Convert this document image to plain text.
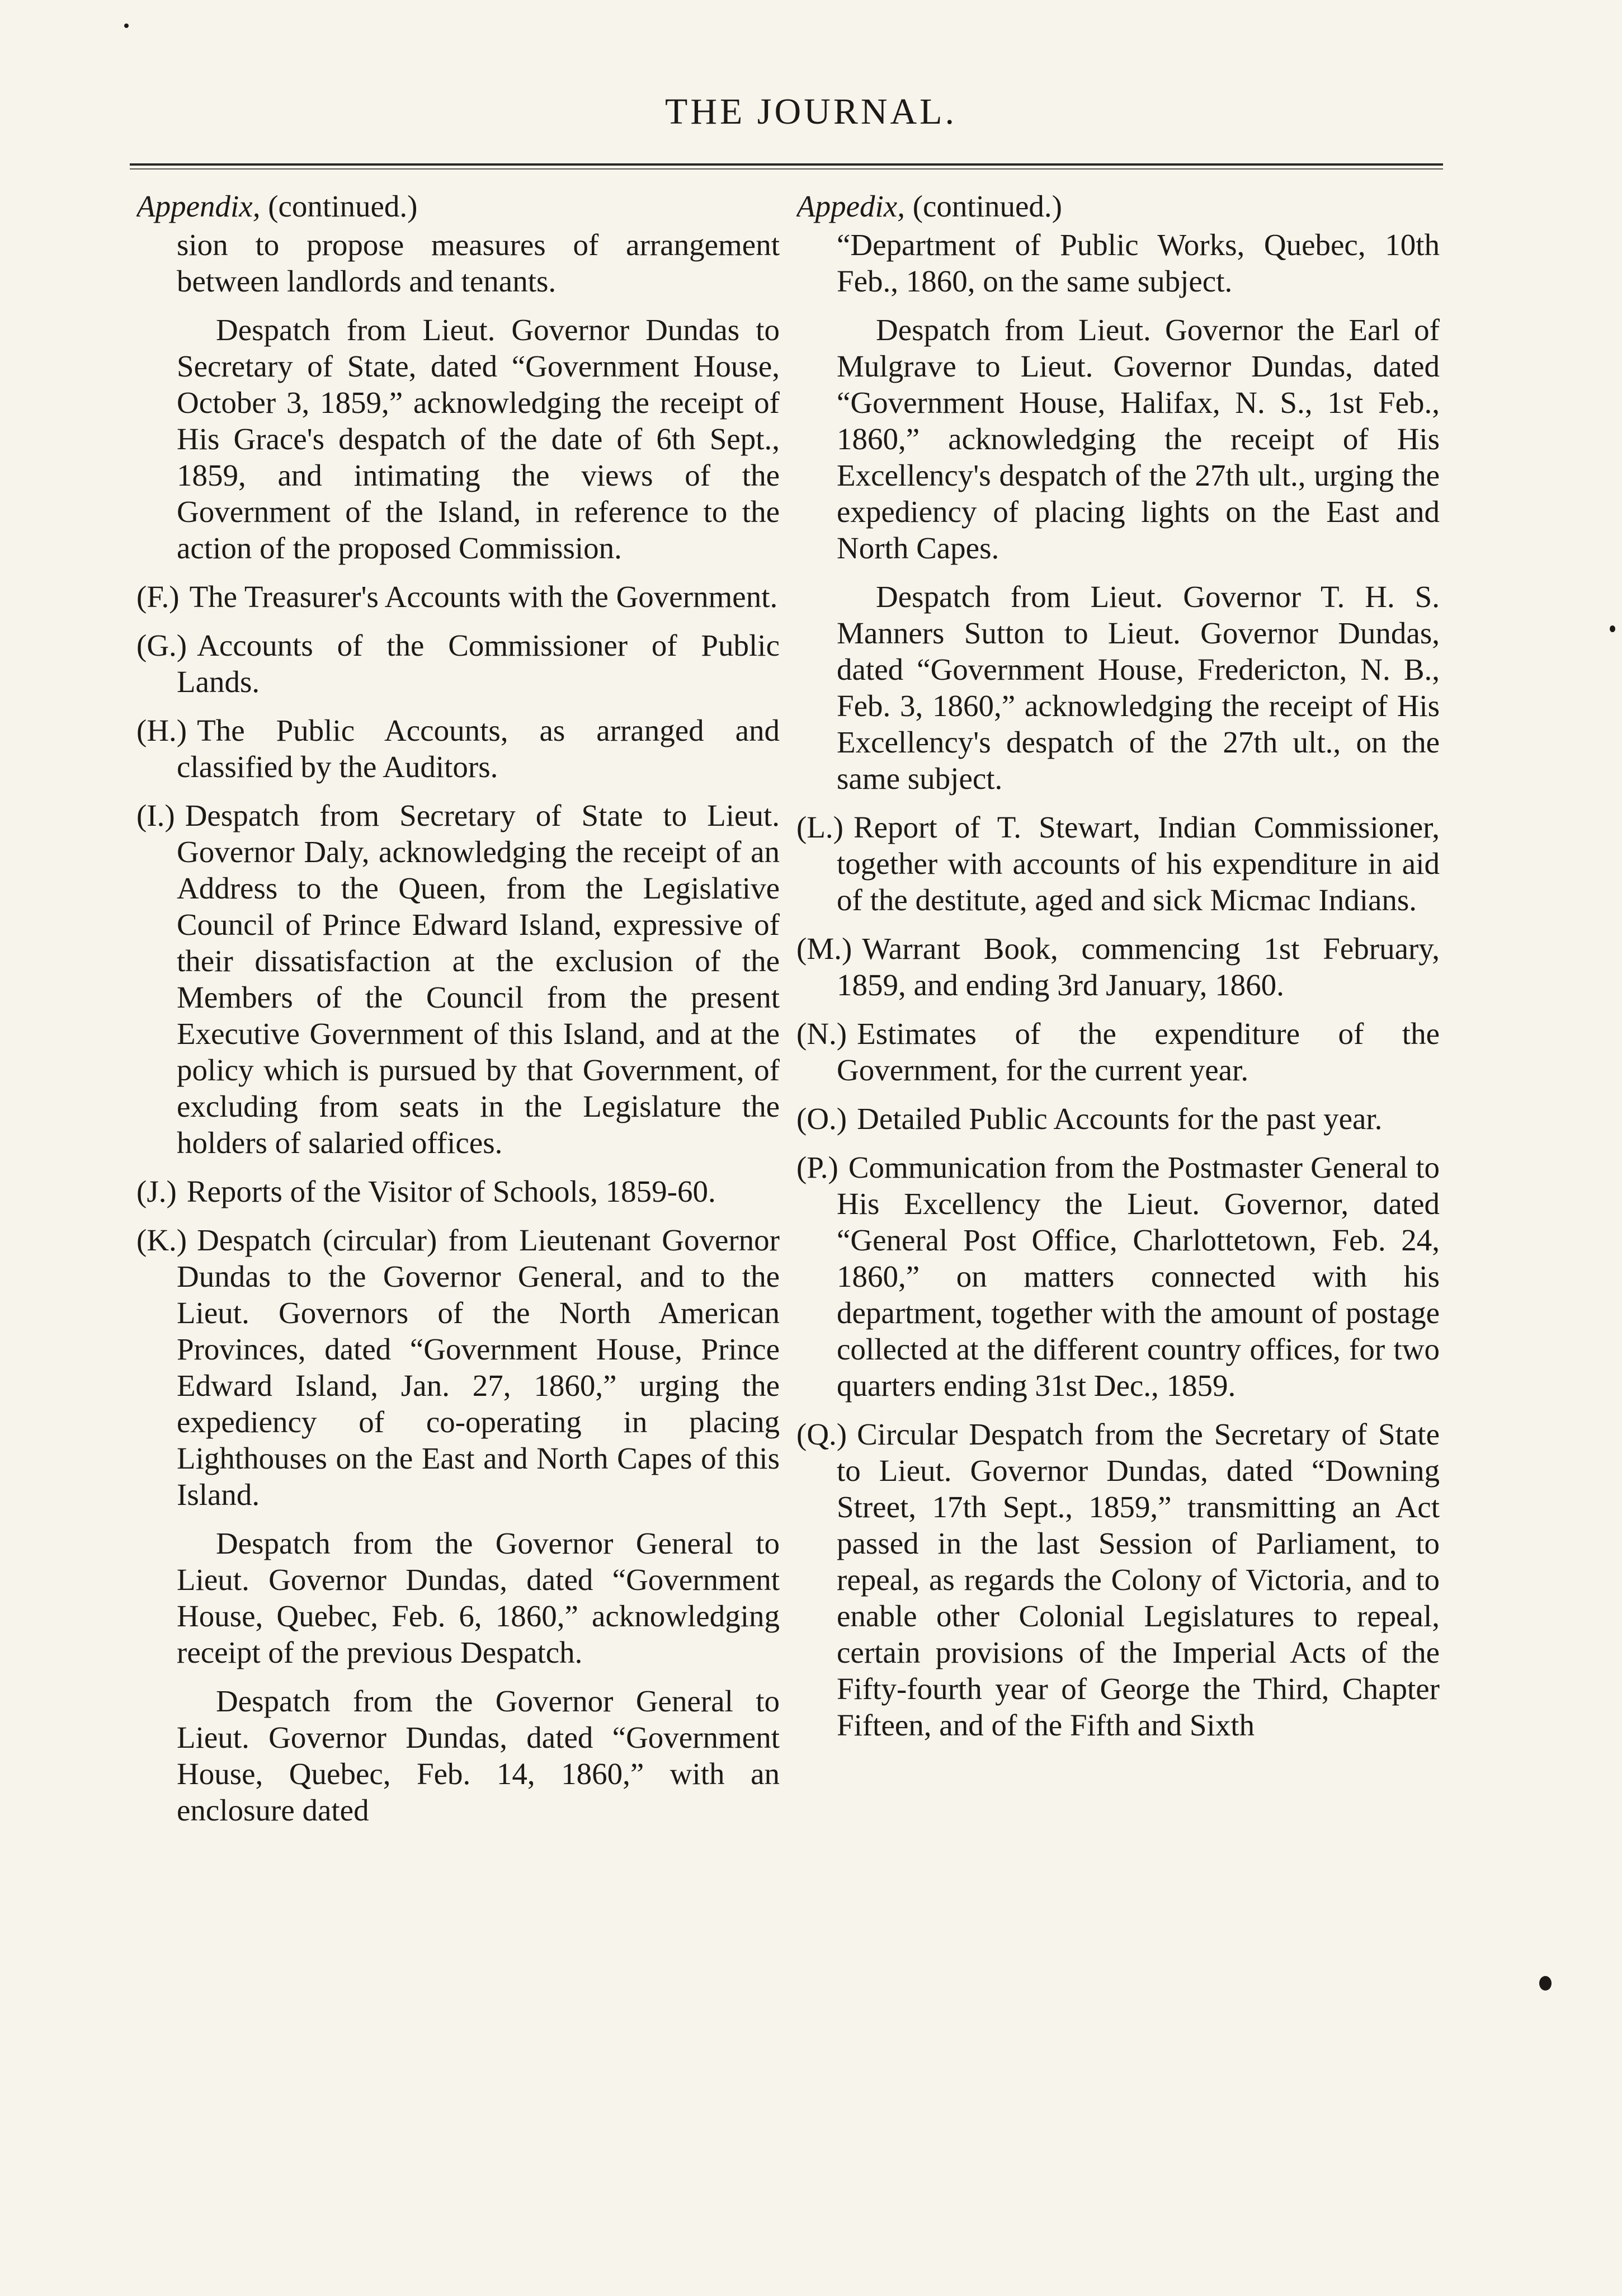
THE JOURNAL.
Appendix, (continued.)

sion to propose measures of arrangement between landlords and tenants.

Despatch from Lieut. Governor Dundas to Secretary of State, dated “Government House, October 3, 1859,” acknowledging the receipt of His Grace's despatch of the date of 6th Sept., 1859, and intimating the views of the Government of the Island, in reference to the action of the proposed Commission.

(F.) The Treasurer's Accounts with the Government.

(G.) Accounts of the Commissioner of Public Lands.

(H.) The Public Accounts, as arranged and classified by the Auditors.

(I.) Despatch from Secretary of State to Lieut. Governor Daly, acknowledging the receipt of an Address to the Queen, from the Legislative Council of Prince Edward Island, expressive of their dissatisfaction at the exclusion of the Members of the Council from the present Executive Government of this Island, and at the policy which is pursued by that Government, of excluding from seats in the Legislature the holders of salaried offices.

(J.) Reports of the Visitor of Schools, 1859-60.

(K.) Despatch (circular) from Lieutenant Governor Dundas to the Governor General, and to the Lieut. Governors of the North American Provinces, dated “Government House, Prince Edward Island, Jan. 27, 1860,” urging the expediency of co-operating in placing Lighthouses on the East and North Capes of this Island.

Despatch from the Governor General to Lieut. Governor Dundas, dated “Government House, Quebec, Feb. 6, 1860,” acknowledging receipt of the previous Despatch.

Despatch from the Governor General to Lieut. Governor Dundas, dated “Government House, Quebec, Feb. 14, 1860,” with an enclosure dated

Appedix, (continued.)

“Department of Public Works, Quebec, 10th Feb., 1860, on the same subject.

Despatch from Lieut. Governor the Earl of Mulgrave to Lieut. Governor Dundas, dated “Government House, Halifax, N. S., 1st Feb., 1860,” acknowledging the receipt of His Excellency's despatch of the 27th ult., urging the expediency of placing lights on the East and North Capes.

Despatch from Lieut. Governor T. H. S. Manners Sutton to Lieut. Governor Dundas, dated “Government House, Fredericton, N. B., Feb. 3, 1860,” acknowledging the receipt of His Excellency's despatch of the 27th ult., on the same subject.

(L.) Report of T. Stewart, Indian Commissioner, together with accounts of his expenditure in aid of the destitute, aged and sick Micmac Indians.

(M.) Warrant Book, commencing 1st February, 1859, and ending 3rd January, 1860.

(N.) Estimates of the expenditure of the Government, for the current year.

(O.) Detailed Public Accounts for the past year.

(P.) Communication from the Postmaster General to His Excellency the Lieut. Governor, dated “General Post Office, Charlottetown, Feb. 24, 1860,” on matters connected with his department, together with the amount of postage collected at the different country offices, for two quarters ending 31st Dec., 1859.

(Q.) Circular Despatch from the Secretary of State to Lieut. Governor Dundas, dated “Downing Street, 17th Sept., 1859,” transmitting an Act passed in the last Session of Parliament, to repeal, as regards the Colony of Victoria, and to enable other Colonial Legislatures to repeal, certain provisions of the Imperial Acts of the Fifty-fourth year of George the Third, Chapter Fifteen, and of the Fifth and Sixth
